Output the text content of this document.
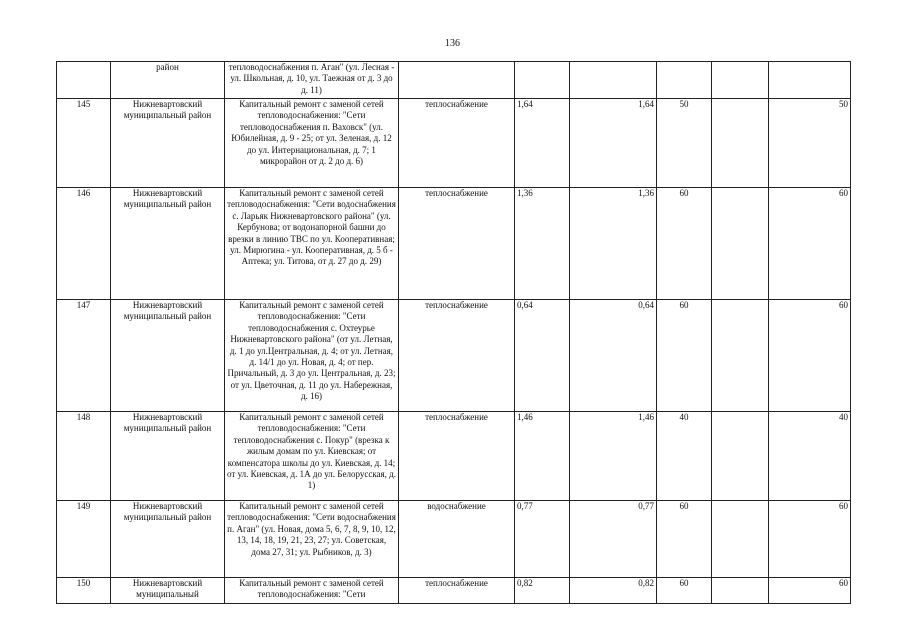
136
	район	тепловодоснабжения п. Аган" (ул. Лесная - ул. Школьная, д. 10, ул. Таежная от д. 3 до д. 11)						
145	Нижневартовский муниципальный район	Капитальный ремонт с заменой сетей тепловодоснабжения: "Сети тепловодоснабжения п. Ваховск" (ул. Юбилейная, д. 9 - 25; от ул. Зеленая, д. 12 до ул. Интернациональная, д. 7; 1 микрорайон от д. 2 до д. 6)	теплоснабжение	1,64	1,64	50		50
146	Нижневартовский муниципальный район	Капитальный ремонт с заменой сетей тепловодоснабжения: "Сети водоснабжения с. Ларьяк Нижневартовского района" (ул. Кербунова; от водонапорной башни до врезки в линию ТВС по ул. Кооперативная; ул. Мирюгина - ул. Кооперативная, д. 5 б - Аптека; ул. Титова, от д. 27 до д. 29)	теплоснабжение	1,36	1,36	60		60
147	Нижневартовский муниципальный район	Капитальный ремонт с заменой сетей тепловодоснабжения: "Сети тепловодоснабжения с. Охтеурье Нижневартовского района" (от ул. Летная, д. 1 до ул.Центральная, д. 4; от ул. Летная, д. 14/1 до ул. Новая, д. 4; от пер. Причальный, д. 3 до ул. Центральная, д. 23; от ул. Цветочная, д. 11 до ул. Набережная, д. 16)	теплоснабжение	0,64	0,64	60		60
148	Нижневартовский муниципальный район	Капитальный ремонт с заменой сетей тепловодоснабжения: "Сети тепловодоснабжения с. Покур" (врезка к жилым домам по ул. Киевская; от компенсатора школы до ул. Киевская, д. 14; от ул. Киевская, д. 1А до ул. Белорусская, д. 1)	теплоснабжение	1,46	1,46	40		40
149	Нижневартовский муниципальный район	Капитальный ремонт с заменой сетей тепловодоснабжения: "Сети водоснабжения п. Аган" (ул. Новая, дома 5, 6, 7, 8, 9, 10, 12, 13, 14, 18, 19, 21, 23, 27; ул. Советская, дома 27, 31; ул. Рыбников, д. 3)	водоснабжение	0,77	0,77	60		60
150	Нижневартовский муниципальный	Капитальный ремонт с заменой сетей тепловодоснабжения: "Сети	теплоснабжение	0,82	0,82	60		60
